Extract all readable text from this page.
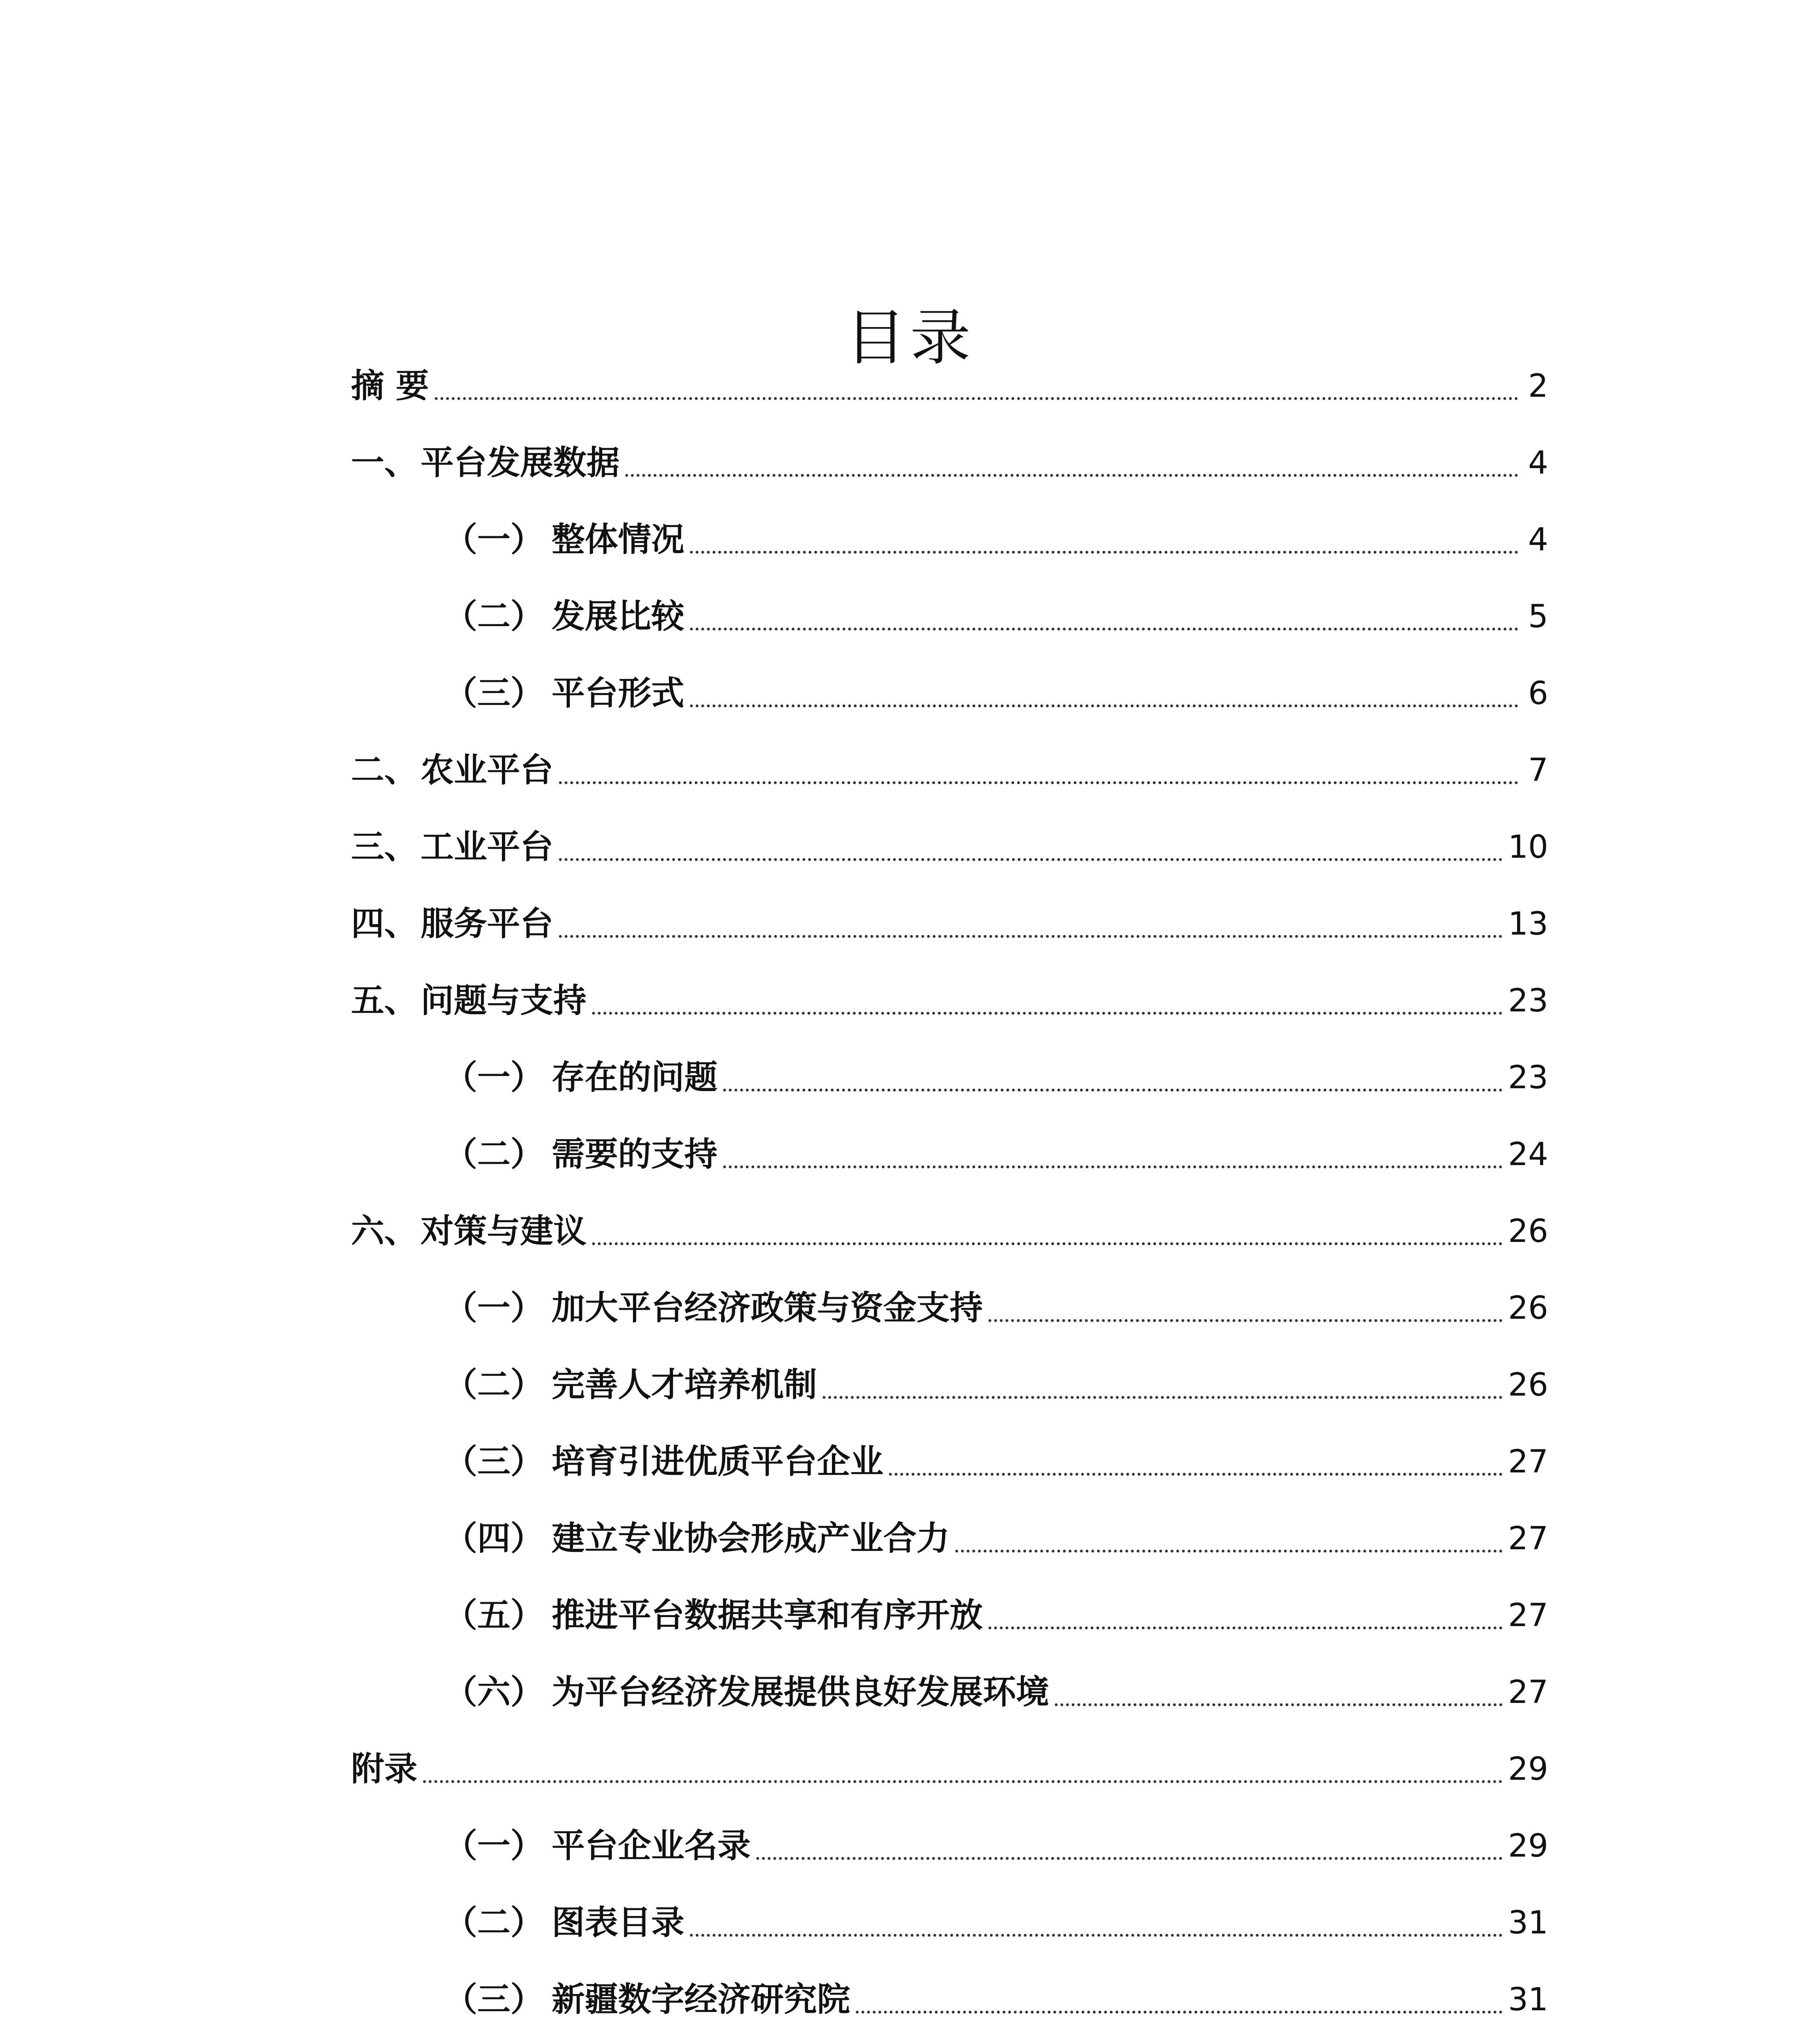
目录
摘 要	2
一、 平台发展数据	4
（一） 整体情况	4
（二） 发展比较	5
（三） 平台形式	6
二、 农业平台	7
三、 工业平台	10
四、 服务平台	13
五、 问题与支持	23
（一） 存在的问题	23
（二） 需要的支持	24
六、 对策与建议	26
（一） 加大平台经济政策与资金支持	26
（二） 完善人才培养机制	26
（三） 培育引进优质平台企业	27
（四） 建立专业协会形成产业合力	27
（五） 推进平台数据共享和有序开放	27
（六） 为平台经济发展提供良好发展环境	27
附录	29
（一） 平台企业名录	29
（二） 图表目录	31
（三） 新疆数字经济研究院	31
